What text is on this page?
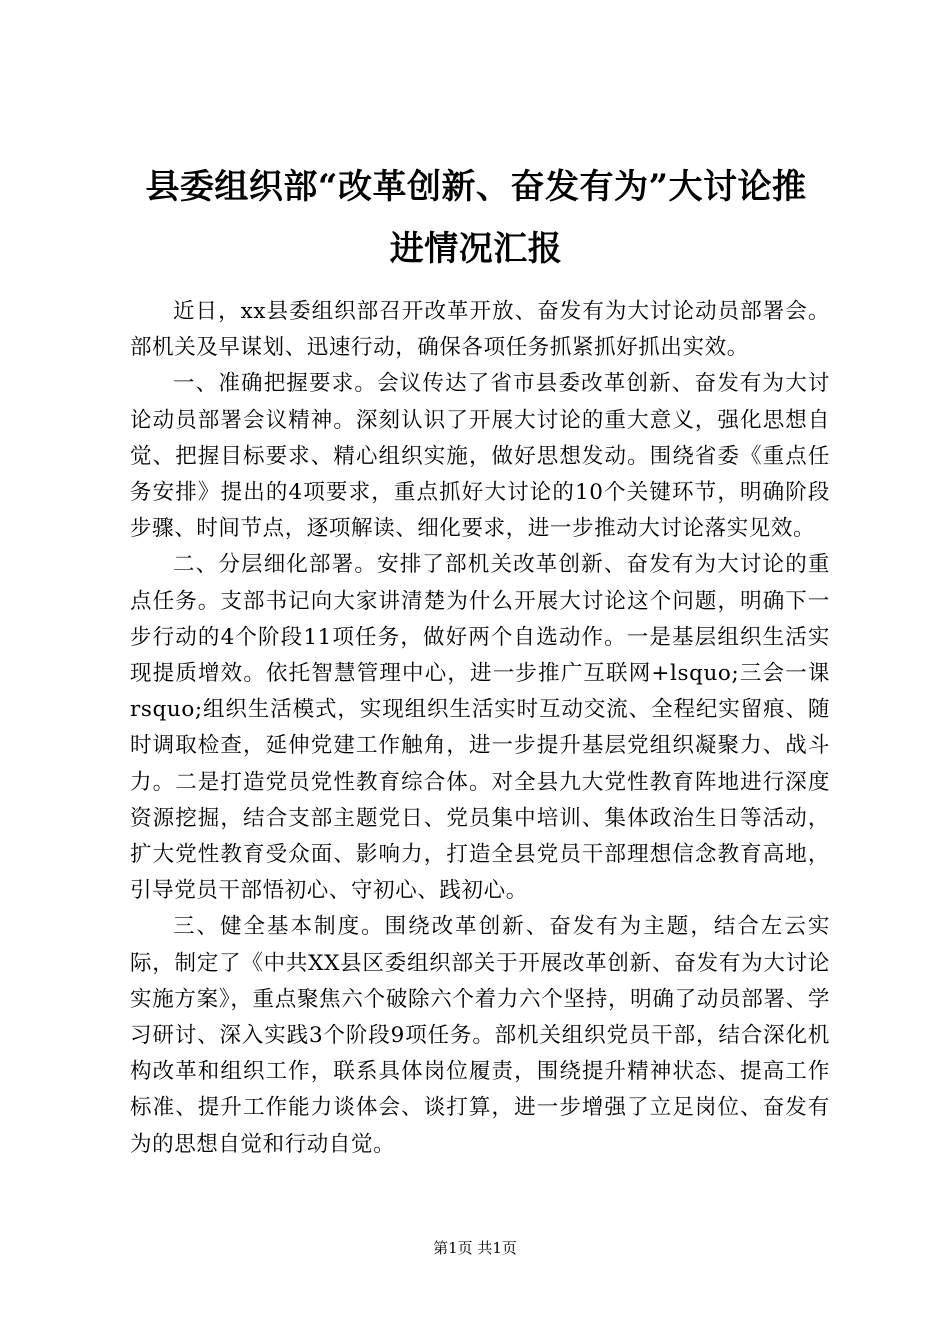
县委组织部“改革创新、奋发有为”大讨论推
进情况汇报

近日，xx县委组织部召开改革开放、奋发有为大讨论动员部署会。部机关及早谋划、迅速行动，确保各项任务抓紧抓好抓出实效。

一、准确把握要求。会议传达了省市县委改革创新、奋发有为大讨论动员部署会议精神。深刻认识了开展大讨论的重大意义，强化思想自觉、把握目标要求、精心组织实施，做好思想发动。围绕省委《重点任务安排》提出的4项要求，重点抓好大讨论的10个关键环节，明确阶段步骤、时间节点，逐项解读、细化要求，进一步推动大讨论落实见效。

二、分层细化部署。安排了部机关改革创新、奋发有为大讨论的重点任务。支部书记向大家讲清楚为什么开展大讨论这个问题，明确下一步行动的4个阶段11项任务，做好两个自选动作。一是基层组织生活实现提质增效。依托智慧管理中心，进一步推广互联网+lsquo;三会一课rsquo;组织生活模式，实现组织生活实时互动交流、全程纪实留痕、随时调取检查，延伸党建工作触角，进一步提升基层党组织凝聚力、战斗力。二是打造党员党性教育综合体。对全县九大党性教育阵地进行深度资源挖掘，结合支部主题党日、党员集中培训、集体政治生日等活动，扩大党性教育受众面、影响力，打造全县党员干部理想信念教育高地，引导党员干部悟初心、守初心、践初心。

三、健全基本制度。围绕改革创新、奋发有为主题，结合左云实际，制定了《中共XX县区委组织部关于开展改革创新、奋发有为大讨论实施方案》，重点聚焦六个破除六个着力六个坚持，明确了动员部署、学习研讨、深入实践3个阶段9项任务。部机关组织党员干部，结合深化机构改革和组织工作，联系具体岗位履责，围绕提升精神状态、提高工作标准、提升工作能力谈体会、谈打算，进一步增强了立足岗位、奋发有为的思想自觉和行动自觉。

第1页 共1页
